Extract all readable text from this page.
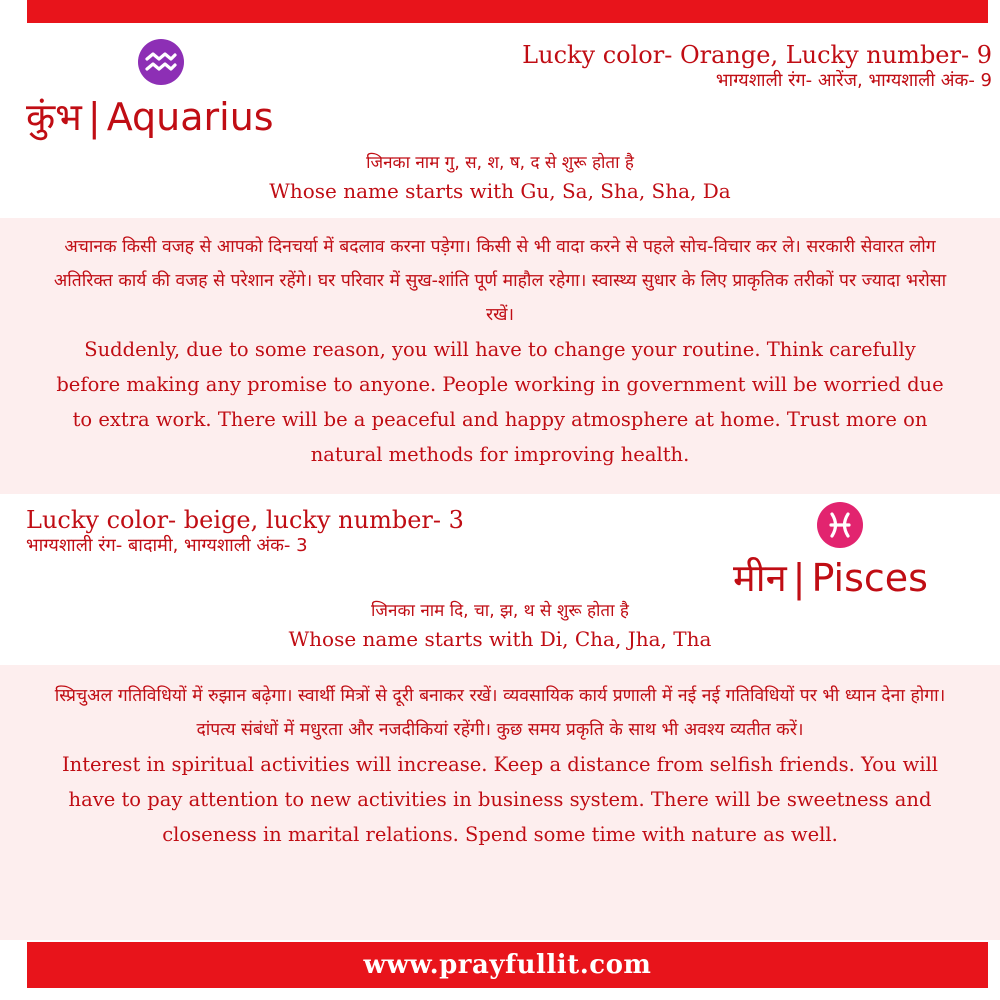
कुंभ | Aquarius
Lucky color- Orange, Lucky number- 9
भाग्यशाली रंग- आरेंज, भाग्यशाली अंक- 9
जिनका नाम गु, स, श, ष, द से शुरू होता है
Whose name starts with Gu, Sa, Sha, Sha, Da
अचानक किसी वजह से आपको दिनचर्या में बदलाव करना पड़ेगा। किसी से भी वादा करने से पहले सोच-विचार कर ले। सरकारी सेवारत लोग अतिरिक्त कार्य की वजह से परेशान रहेंगे। घर परिवार में सुख-शांति पूर्ण माहौल रहेगा। स्वास्थ्य सुधार के लिए प्राकृतिक तरीकों पर ज्यादा भरोसा रखें।
Suddenly, due to some reason, you will have to change your routine. Think carefully before making any promise to anyone. People working in government will be worried due to extra work. There will be a peaceful and happy atmosphere at home. Trust more on natural methods for improving health.
Lucky color- beige, lucky number- 3
भाग्यशाली रंग- बादामी, भाग्यशाली अंक- 3
मीन | Pisces
जिनका नाम दि, चा, झ, थ से शुरू होता है
Whose name starts with Di, Cha, Jha, Tha
स्प्रिचुअल गतिविधियों में रुझान बढ़ेगा। स्वार्थी मित्रों से दूरी बनाकर रखें। व्यवसायिक कार्य प्रणाली में नई नई गतिविधियों पर भी ध्यान देना होगा। दांपत्य संबंधों में मधुरता और नजदीकियां रहेंगी। कुछ समय प्रकृति के साथ भी अवश्य व्यतीत करें।
Interest in spiritual activities will increase. Keep a distance from selfish friends. You will have to pay attention to new activities in business system. There will be sweetness and closeness in marital relations. Spend some time with nature as well.
www.prayfullit.com
